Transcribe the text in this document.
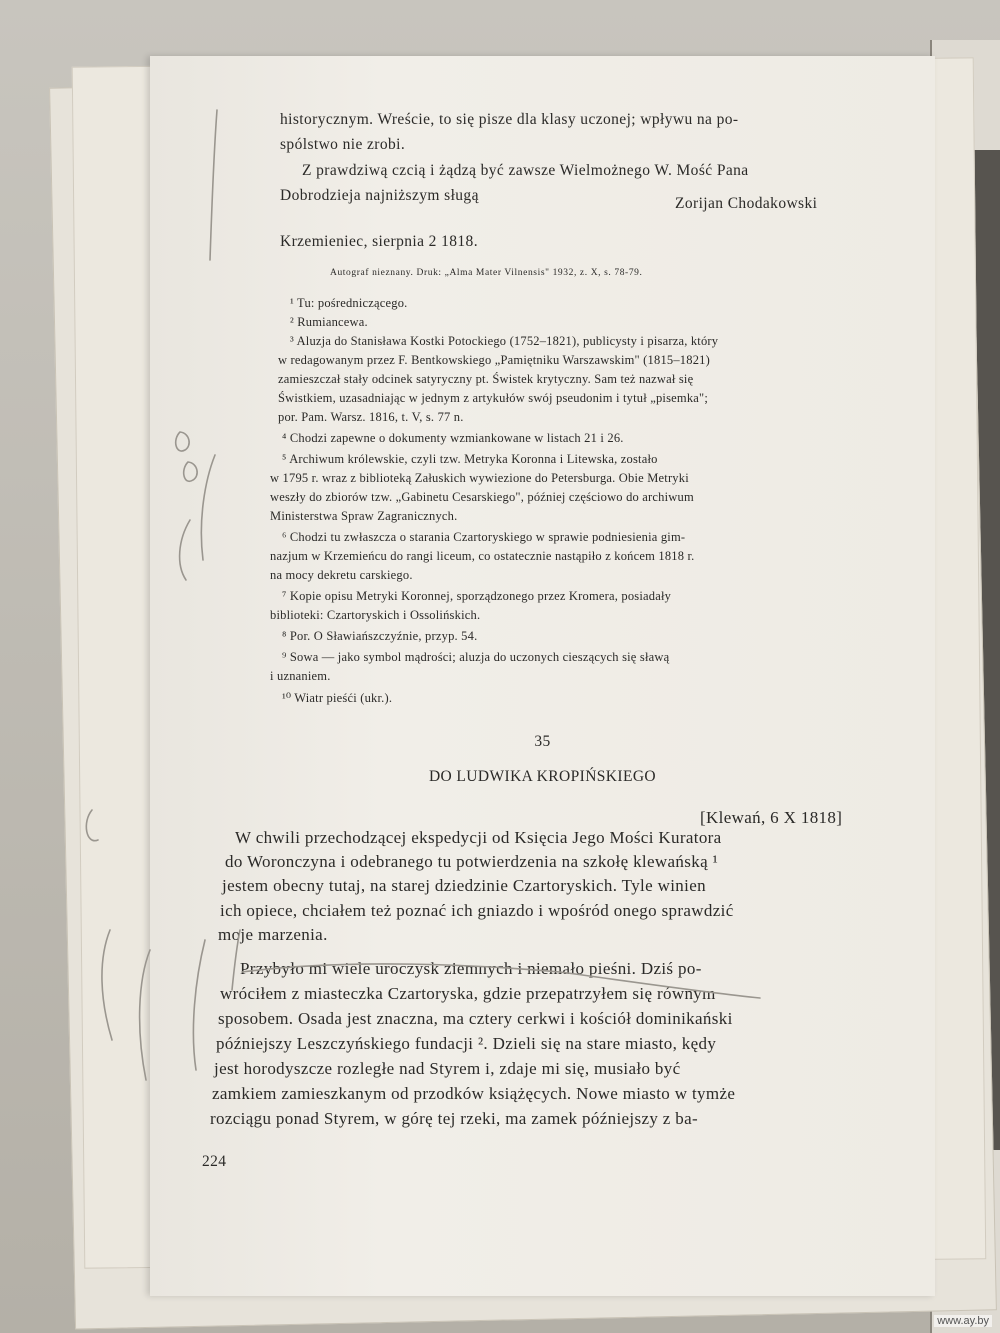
historycznym. Wreście, to się pisze dla klasy uczonej; wpływu na po-
spólstwo nie zrobi.
Z prawdziwą czcią i żądzą być zawsze Wielmożnego W. Mość Pana
Dobrodzieja najniższym sługą	Zorijan Chodakowski
Krzemieniec, sierpnia 2 1818.
Autograf nieznany. Druk: „Alma Mater Vilnensis" 1932, z. X, s. 78-79.
¹ Tu: pośredniczącego.
² Rumiancewa.
³ Aluzja do Stanisława Kostki Potockiego (1752–1821), publicysty i pisarza, który
w redagowanym przez F. Bentkowskiego „Pamiętniku Warszawskim" (1815–1821)
zamieszczał stały odcinek satyryczny pt. Świstek krytyczny. Sam też nazwał się
Świstkiem, uzasadniając w jednym z artykułów swój pseudonim i tytuł „pisemka";
por. Pam. Warsz. 1816, t. V, s. 77 n.
⁴ Chodzi zapewne o dokumenty wzmiankowane w listach 21 i 26.
⁵ Archiwum królewskie, czyli tzw. Metryka Koronna i Litewska, zostało
w 1795 r. wraz z biblioteką Załuskich wywiezione do Petersburga. Obie Metryki
weszły do zbiorów tzw. „Gabinetu Cesarskiego", później częściowo do archiwum
Ministerstwa Spraw Zagranicznych.
⁶ Chodzi tu zwłaszcza o starania Czartoryskiego w sprawie podniesienia gim-
nazjum w Krzemieńcu do rangi liceum, co ostatecznie nastąpiło z końcem 1818 r.
na mocy dekretu carskiego.
⁷ Kopie opisu Metryki Koronnej, sporządzonego przez Kromera, posiadały
biblioteki: Czartoryskich i Ossolińskich.
⁸ Por. O Sławiańszczyźnie, przyp. 54.
⁹ Sowa — jako symbol mądrości; aluzja do uczonych cieszących się sławą
i uznaniem.
¹⁰ Wiatr pieśći (ukr.).
35
DO LUDWIKA KROPIŃSKIEGO
[Klewań, 6 X 1818]
W chwili przechodzącej ekspedycji od Księcia Jego Mości Kuratora
do Woronczyna i odebranego tu potwierdzenia na szkołę klewańską ¹
jestem obecny tutaj, na starej dziedzinie Czartoryskich. Tyle winien
ich opiece, chciałem też poznać ich gniazdo i wpośród onego sprawdzić
moje marzenia.
Przybyło mi wiele uroczysk ziemnych i niemało pieśni. Dziś po-
wróciłem z miasteczka Czartoryska, gdzie przepatrzyłem się równym
sposobem. Osada jest znaczna, ma cztery cerkwi i kościół dominikański
późniejszy Leszczyńskiego fundacji ². Dzieli się na stare miasto, kędy
jest horodyszcze rozległe nad Styrem i, zdaje mi się, musiało być
zamkiem zamieszkanym od przodków książęcych. Nowe miasto w tymże
rozciągu ponad Styrem, w górę tej rzeki, ma zamek późniejszy z ba-
224
www.ay.by
